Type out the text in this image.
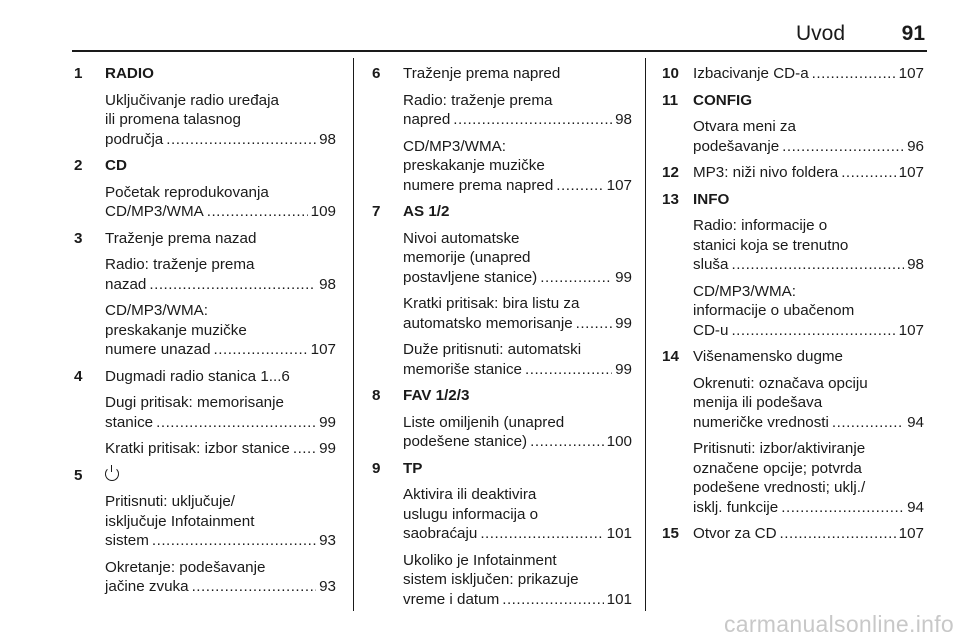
Uvod	91
1 RADIO
Uključivanje radio uređaja
ili promena talasnog
područja .....	98
2 CD
Početak reprodukovanja
CD/MP3/WMA .....	109
3 Traženje prema nazad
Radio: traženje prema
nazad .....	98
CD/MP3/WMA:
preskakanje muzičke
numere unazad .....	107
4 Dugmadi radio stanica 1...6
Dugi pritisak: memorisanje
stanice .....	99
Kratki pritisak: izbor stanice ..... 99
5
Pritisnuti: uključuje/
isključuje Infotainment
sistem .....	93
Okretanje: podešavanje
jačine zvuka .....	93
6 Traženje prema napred
Radio: traženje prema
napred .....	98
CD/MP3/WMA:
preskakanje muzičke
numere prema napred .....	107
7 AS 1/2
Nivoi automatske
memorije (unapred
postavljene stanice) .....	99
Kratki pritisak: bira listu za
automatsko memorisanje .....	99
Duže pritisnuti: automatski
memoriše stanice .....	99
8 FAV 1/2/3
Liste omiljenih (unapred
podešene stanice) .....	100
9 TP
Aktivira ili deaktivira
uslugu informacija o
saobraćaju .....	101
Ukoliko je Infotainment
sistem isključen: prikazuje
vreme i datum .....	101
10 Izbacivanje CD-a .....	107
11 CONFIG
Otvara meni za
podešavanje .....	96
12 MP3: niži nivo foldera .....	107
13 INFO
Radio: informacije o
stanici koja se trenutno
sluša .....	98
CD/MP3/WMA:
informacije o ubačenom
CD-u .....	107
14 Višenamensko dugme
Okrenuti: označava opciju
menija ili podešava
numeričke vrednosti .....	94
Pritisnuti: izbor/aktiviranje
označene opcije; potvrda
podešene vrednosti; uklj./
isklj. funkcije .....	94
15 Otvor za CD .....	107
carmanualsonline.info
